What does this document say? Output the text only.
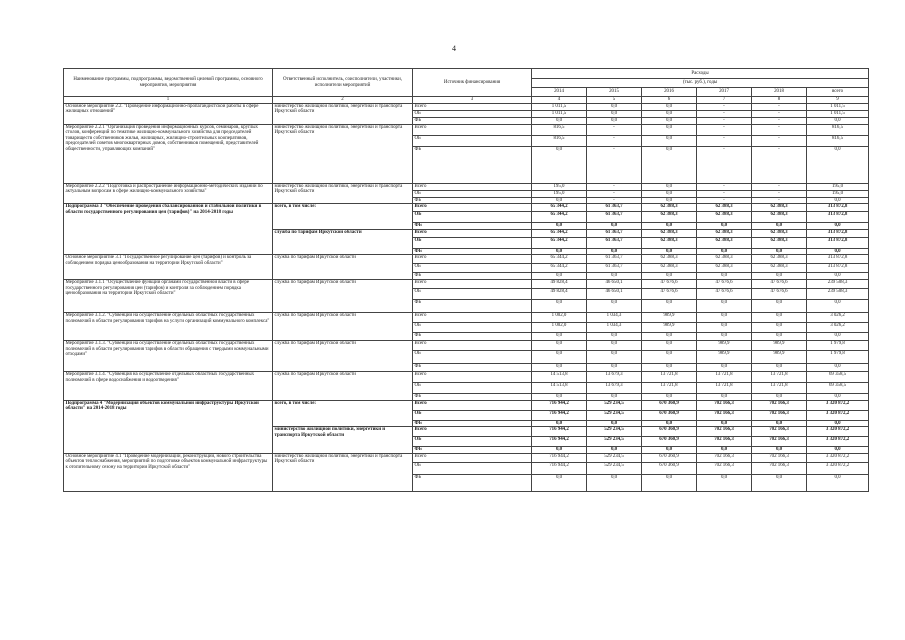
4
Наименование программы, подпрограммы, ведомственной целевой программы, основного мероприятия, мероприятия	Ответственный исполнитель, соисполнители, участники, исполнители мероприятий	Источник финансирования	Расходы					
			(тыс. руб.), годы					
			2014	2015	2016	2017	2018	всего
1	2	3	4	5	6	7	8	9
Основное мероприятие 2.2. "Проведение информационно-пропагандистской работы в сфере жилищных отношений"	министерство жилищной политики, энергетики и транспорта Иркутской области	Всего	1 011,5	0,0	0,0	-	-	1 011,5
		ОБ	1 011,5	0,0	0,0	-	-	1 011,5
		ФБ	0,0	0,0	0,0	-	-	0,0
Мероприятие 2.2.1 "Организация проведения информационных курсов, семинаров, круглых столов, конференций по тематике жилищно-коммунального хозяйства для председателей товариществ собственников жилья, жилищных, жилищно-строительных кооперативов, председателей советов многоквартирных домов, собственников помещений, представителей общественности, управляющих компаний"	министерство жилищной политики, энергетики и транспорта Иркутской области	Всего	816,5	-	0,0	-	-	816,5
		ОБ	816,5	-	0,0	-	-	816,5
		ФБ	0,0	-	0,0	-	-	0,0
Мероприятие 2.2.2 "Подготовка и распространение информационно-методических изданий по актуальным вопросам в сфере жилищно-коммунального хозяйства"	министерство жилищной политики, энергетики и транспорта Иркутской области	Всего	195,0	-	0,0	-	-	195,0
		ОБ	195,0	-	0,0	-	-	195,0
		ФБ	0,0	-	0,0	-	-	0,0
Подпрограмма 3 "Обеспечение проведения сбалансированной и стабильной политики в области государственного регулирования цен (тарифов)" на 2014-2018 годы	всего, в том числе:	Всего	65 344,2	61 363,7	62 388,3	62 388,3	62 388,3	313 872,8
		ОБ	65 344,2	61 363,7	62 388,3	62 388,3	62 388,3	313 872,8
		ФБ	0,0	0,0	0,0	0,0	0,0	0,0
	служба по тарифам Иркутской области	Всего	65 344,2	61 363,7	62 388,3	62 388,3	62 388,3	313 872,8
		ОБ	65 344,2	61 363,7	62 388,3	62 388,3	62 388,3	313 872,8
		ФБ	0,0	0,0	0,0	0,0	0,0	0,0
Основное мероприятие 3.1 "Государственное регулирование цен (тарифов) и контроль за соблюдением порядка ценообразования на территории Иркутской области"	служба по тарифам Иркутской области	Всего	65 344,2	61 363,7	62 388,3	62 388,3	62 388,3	313 872,8
		ОБ	65 344,2	61 363,7	62 388,3	62 388,3	62 388,3	313 872,8
		ФБ	0,0	0,0	0,0	0,0	0,0	0,0
Мероприятие 3.1.1 "Осуществление функций органами государственной власти в сфере государственного регулирования цен (тарифов) и контроля за соблюдением порядка ценообразования на территории Иркутской области"	служба по тарифам Иркутской области	Всего	49 828,4	46 650,1	47 676,6	47 676,6	47 676,6	239 508,3
		ОБ	49 828,4	46 650,1	47 676,6	47 676,6	47 676,6	239 508,3
		ФБ	0,0	0,0	0,0	0,0	0,0	0,0
Мероприятие 3.1.2. "Субвенции на осуществление отдельных областных государственных полномочий в области регулирования тарифов на услуги организаций коммунального комплекса"	служба по тарифам Иркутской области	Всего	1 002,0	1 034,3	989,9	0,0	0,0	3 026,2
		ОБ	1 002,0	1 034,3	989,9	0,0	0,0	3 026,2
		ФБ	0,0	0,0	0,0	0,0	0,0	0,0
Мероприятие 3.1.3. "Субвенции на осуществление отдельных областных государственных полномочий в области регулирования тарифов в области обращения с твердыми коммунальными отходами"	служба по тарифам Иркутской области	Всего	0,0	0,0	0,0	989,9	989,9	1 979,8
		ОБ	0,0	0,0	0,0	989,9	989,9	1 979,8
		ФБ	0,0	0,0	0,0	0,0	0,0	0,0
Мероприятие 3.1.4. "Субвенция на осуществление отдельных областных государственных полномочий в сфере водоснабжения и водоотведения"	служба по тарифам Иркутской области	Всего	14 513,8	13 679,3	13 721,8	13 721,8	13 721,8	69 358,5
		ОБ	14 513,8	13 679,3	13 721,8	13 721,8	13 721,8	69 358,5
		ФБ	0,0	0,0	0,0	0,0	0,0	0,0
Подпрограмма 4 "Модернизация объектов коммунальной инфраструктуры Иркутской области" на 2014-2018 годы	всего, в том числе:	Всего	716 944,2	529 234,5	670 360,9	702 166,3	702 166,3	3 320 872,2
		ОБ	716 944,2	529 234,5	670 360,9	702 166,3	702 166,3	3 320 872,2
		ФБ	0,0	0,0	0,0	0,0	0,0	0,0
	министерство жилищной политики, энергетики и транспорта Иркутской области	Всего	716 944,2	529 234,5	670 360,9	702 166,3	702 166,3	3 320 872,2
		ОБ	716 944,2	529 234,5	670 360,9	702 166,3	702 166,3	3 320 872,2
		ФБ	0,0	0,0	0,0	0,0	0,0	0,0
Основное мероприятие 4.1 "Проведение модернизации, реконструкции, нового строительства объектов теплоснабжения, мероприятий по подготовке объектов коммунальной инфраструктуры к отопительному сезону на территории Иркутской области"	министерство жилищной политики, энергетики и транспорта Иркутской области	Всего	716 944,2	529 234,5	670 360,9	702 166,3	702 166,3	3 320 872,2
		ОБ	716 944,2	529 234,5	670 360,9	702 166,3	702 166,3	3 320 872,2
		ФБ	0,0	0,0	0,0	0,0	0,0	0,0
